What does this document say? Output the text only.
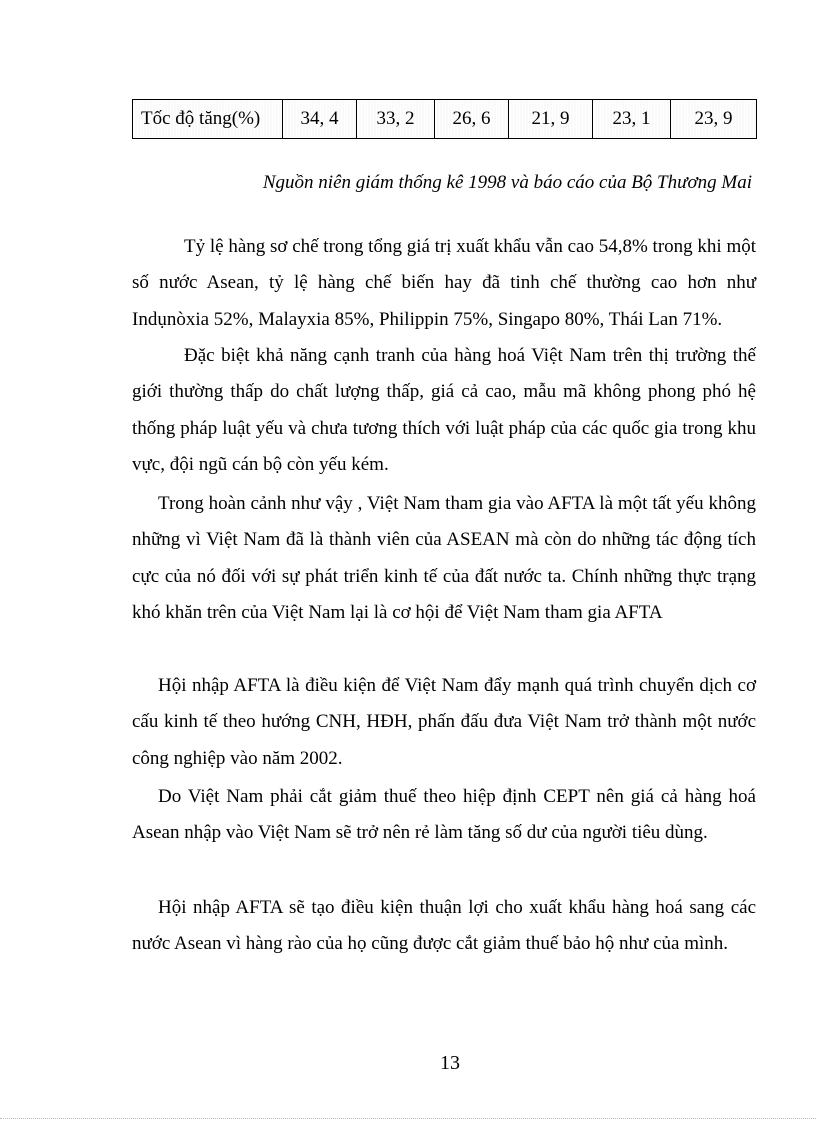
Tốc độ tăng(%)	34, 4	33, 2	26, 6	21, 9	23, 1	23, 9
Nguồn niên giám thống kê 1998 và báo cáo của Bộ Thương Mai

Tỷ lệ hàng sơ chế trong tổng giá trị xuất khẩu vẫn cao 54,8% trong khi một số nước Asean, tỷ lệ hàng chế biến hay đã tinh chế thường cao hơn như Indụnòxia 52%, Malayxia 85%, Philippin 75%, Singapo 80%, Thái Lan 71%.

Đặc biệt khả năng cạnh tranh của hàng hoá Việt Nam trên thị trường thế giới thường thấp do chất lượng thấp, giá cả cao, mẫu mã không phong phó hệ thống pháp luật yếu và chưa tương thích với luật pháp của các quốc gia trong khu vực, đội ngũ cán bộ còn yếu kém.

Trong hoàn cảnh như vậy , Việt Nam tham gia vào AFTA là một tất yếu không những vì Việt Nam đã là thành viên của ASEAN mà còn do những tác động tích cực của nó đối với sự phát triển kinh tế của đất nước ta. Chính những thực trạng khó khăn trên của Việt Nam lại là cơ hội để Việt Nam tham gia AFTA

Hội nhập AFTA là điều kiện để Việt Nam đẩy mạnh quá trình chuyển dịch cơ cấu kinh tế theo hướng CNH, HĐH, phấn đấu đưa Việt Nam trở thành một nước công nghiệp vào năm 2002.

Do Việt Nam phải cắt giảm thuế theo hiệp định CEPT nên giá cả hàng hoá Asean nhập vào Việt Nam sẽ trở nên rẻ làm tăng số dư của người tiêu dùng.

Hội nhập AFTA sẽ tạo điều kiện thuận lợi cho xuất khẩu hàng hoá sang các nước Asean vì hàng rào của họ cũng được cắt giảm thuế bảo hộ như của mình.

13
